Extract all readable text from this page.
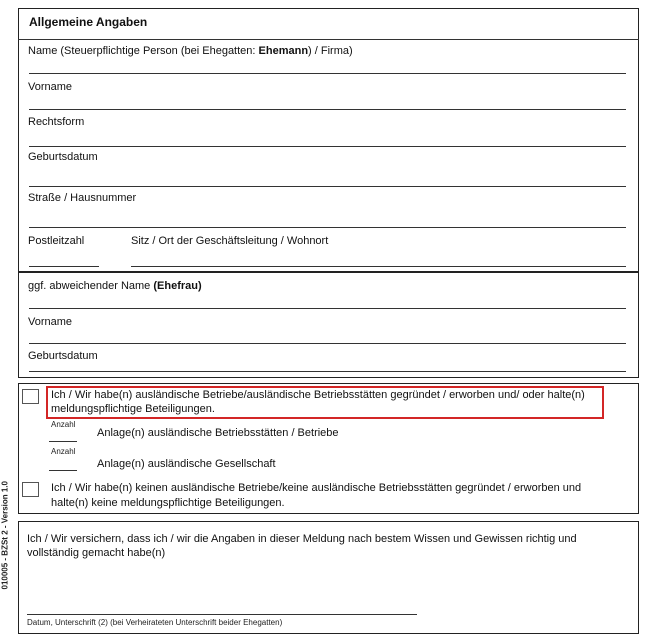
010005 - BZSt 2 - Version 1.0
Allgemeine Angaben
Name (Steuerpflichtige Person (bei Ehegatten: Ehemann) / Firma)
Vorname
Rechtsform
Geburtsdatum
Straße / Hausnummer
Postleitzahl	Sitz / Ort der Geschäftsleitung / Wohnort
ggf. abweichender Name (Ehefrau)
Vorname
Geburtsdatum
Ich / Wir habe(n) ausländische Betriebe/ausländische Betriebsstätten gegründet / erworben und/ oder halte(n)
meldungspflichtige Beteiligungen.
Anzahl
Anlage(n) ausländische Betriebsstätten / Betriebe
Anzahl
Anlage(n) ausländische Gesellschaft
Ich / Wir habe(n) keinen ausländische Betriebe/keine ausländische Betriebsstätten gegründet / erworben und
halte(n) keine meldungspflichtige Beteiligungen.
Ich / Wir versichern, dass ich / wir die Angaben in dieser Meldung nach bestem Wissen und Gewissen richtig und
vollständig gemacht habe(n)
Datum, Unterschrift (2) (bei Verheirateten Unterschrift beider Ehegatten)
